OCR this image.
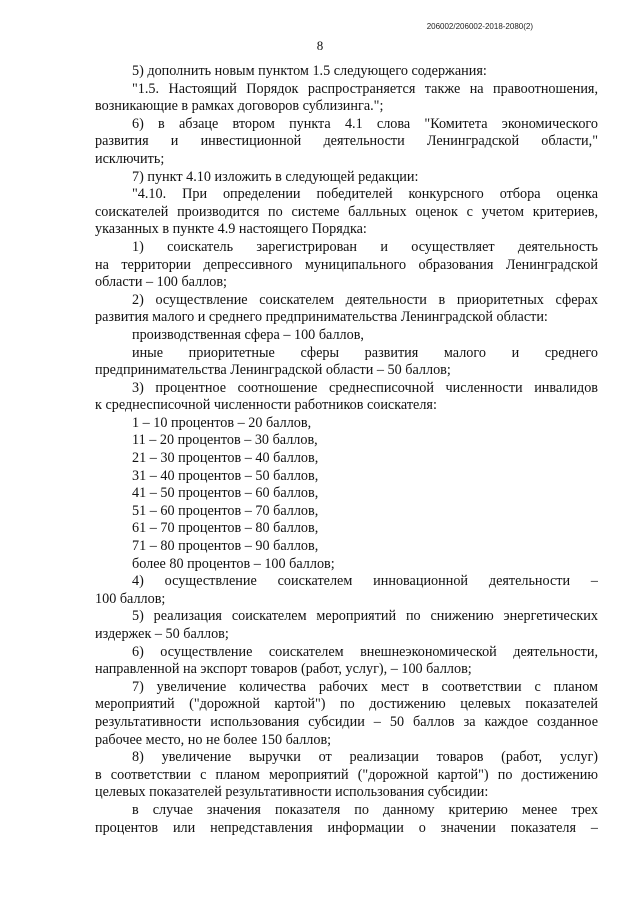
206002/206002-2018-2080(2)
8
5) дополнить новым пунктом 1.5 следующего содержания:
"1.5. Настоящий Порядок распространяется также на правоотношения,
возникающие в рамках договоров сублизинга.";
6) в абзаце втором пункта 4.1 слова "Комитета экономического
развития и инвестиционной деятельности Ленинградской области,"
исключить;
7) пункт 4.10 изложить в следующей редакции:
"4.10. При определении победителей конкурсного отбора оценка
соискателей производится по системе балльных оценок с учетом критериев,
указанных в пункте 4.9 настоящего Порядка:
1) соискатель зарегистрирован и осуществляет деятельность
на территории депрессивного муниципального образования Ленинградской
области – 100 баллов;
2) осуществление соискателем деятельности в приоритетных сферах
развития малого и среднего предпринимательства Ленинградской области:
производственная сфера – 100 баллов,
иные приоритетные сферы развития малого и среднего
предпринимательства Ленинградской области – 50 баллов;
3) процентное соотношение среднесписочной численности инвалидов
к среднесписочной численности работников соискателя:
1 – 10 процентов – 20 баллов,
11 – 20 процентов – 30 баллов,
21 – 30 процентов – 40 баллов,
31 – 40 процентов – 50 баллов,
41 – 50 процентов – 60 баллов,
51 – 60 процентов – 70 баллов,
61 – 70 процентов – 80 баллов,
71 – 80 процентов – 90 баллов,
более 80 процентов – 100 баллов;
4) осуществление соискателем инновационной деятельности –
100 баллов;
5) реализация соискателем мероприятий по снижению энергетических
издержек – 50 баллов;
6) осуществление соискателем внешнеэкономической деятельности,
направленной на экспорт товаров (работ, услуг), – 100 баллов;
7) увеличение количества рабочих мест в соответствии с планом
мероприятий ("дорожной картой") по достижению целевых показателей
результативности использования субсидии – 50 баллов за каждое созданное
рабочее место, но не более 150 баллов;
8) увеличение выручки от реализации товаров (работ, услуг)
в соответствии с планом мероприятий ("дорожной картой") по достижению
целевых показателей результативности использования субсидии:
в случае значения показателя по данному критерию менее трех
процентов или непредставления информации о значении показателя –
